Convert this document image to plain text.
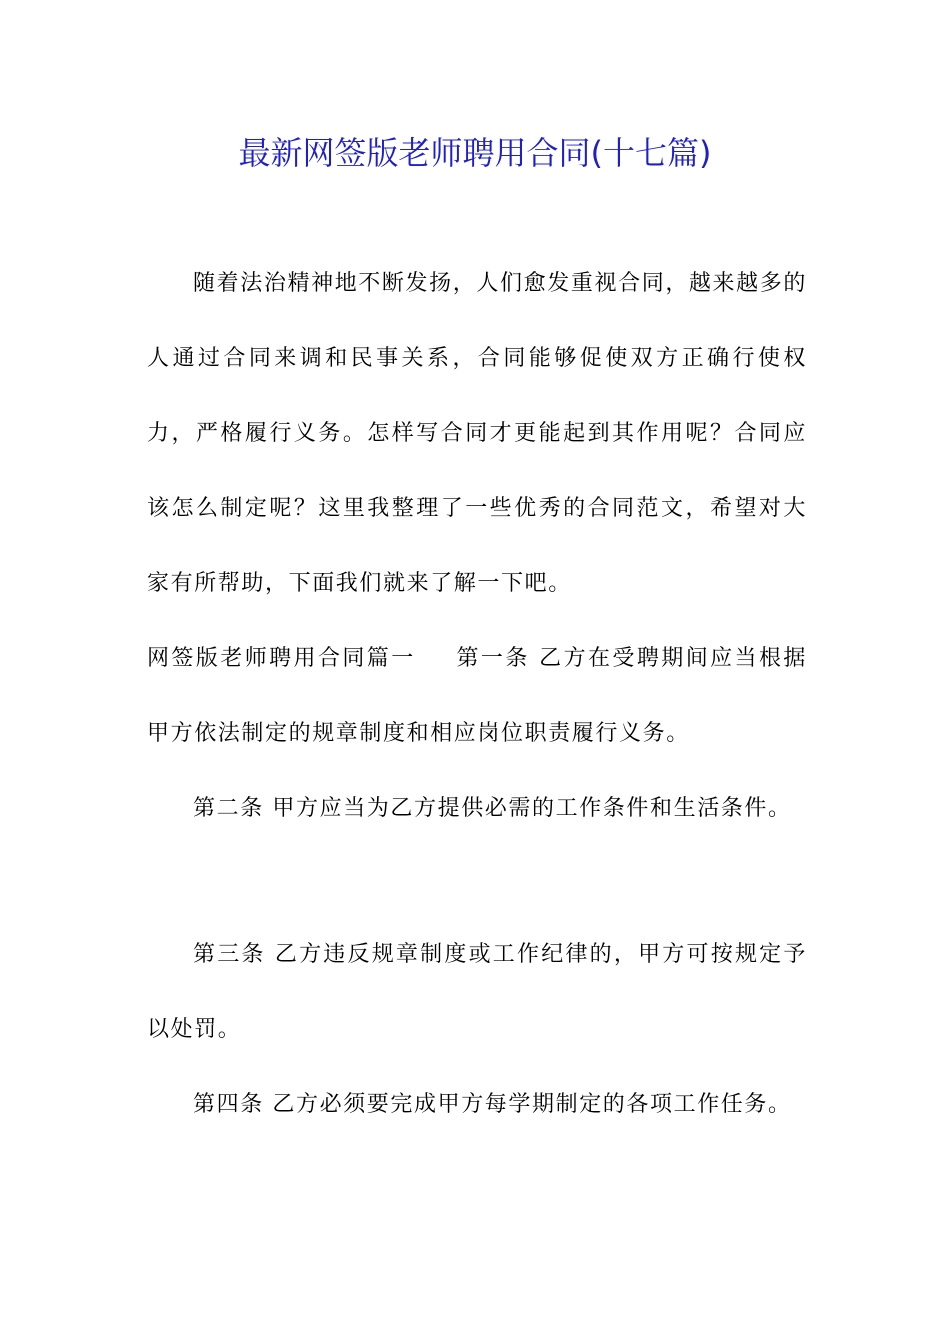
最新网签版老师聘用合同(十七篇)
随着法治精神地不断发扬，人们愈发重视合同，越来越多的人通过合同来调和民事关系，合同能够促使双方正确行使权力，严格履行义务。怎样写合同才更能起到其作用呢？合同应该怎么制定呢？这里我整理了一些优秀的合同范文，希望对大家有所帮助，下面我们就来了解一下吧。
网签版老师聘用合同篇一 第一条 乙方在受聘期间应当根据甲方依法制定的规章制度和相应岗位职责履行义务。
第二条 甲方应当为乙方提供必需的工作条件和生活条件。
第三条 乙方违反规章制度或工作纪律的，甲方可按规定予以处罚。
第四条 乙方必须要完成甲方每学期制定的各项工作任务。
